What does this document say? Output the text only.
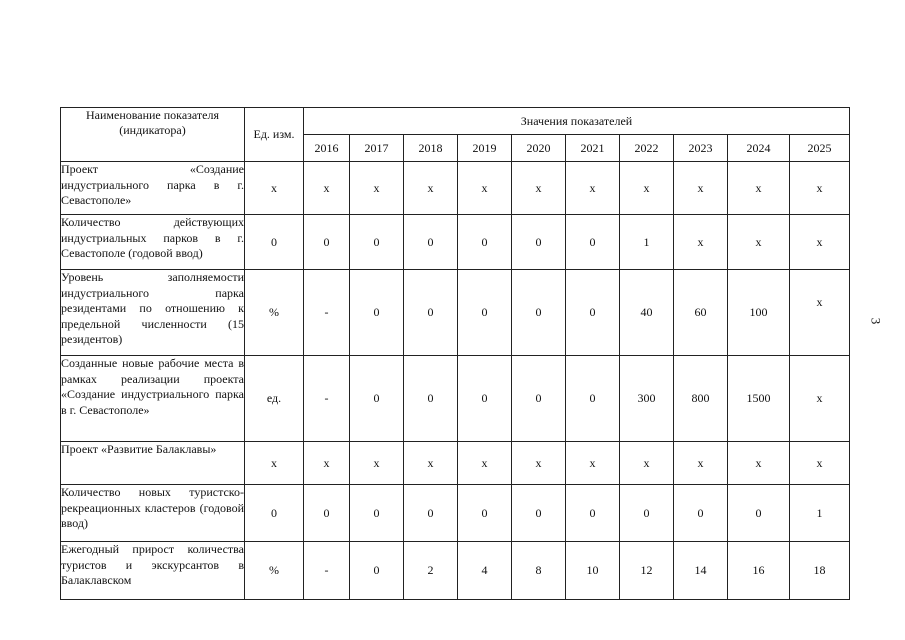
3
Наименование показателя (индикатора)	Ед. изм.	Значения показателей									
		2016	2017	2018	2019	2020	2021	2022	2023	2024	2025
Проект «Создание индустриального парка в г. Севастополе»	x	x	x	x	x	x	x	x	x	x	x
Количество действующих индустриальных парков в г. Севастополе (годовой ввод)	0	0	0	0	0	0	0	1	x	x	x
Уровень заполняемости индустриального парка резидентами по отношению к предельной численности (15 резидентов)	%	-	0	0	0	0	0	40	60	100	x
Созданные новые рабочие места в рамках реализации проекта «Создание индустриального парка в г. Севастополе»	ед.	-	0	0	0	0	0	300	800	1500	x
Проект «Развитие Балаклавы»	x	x	x	x	x	x	x	x	x	x	x
Количество новых туристско-рекреационных кластеров (годовой ввод)	0	0	0	0	0	0	0	0	0	0	1
Ежегодный прирост количества туристов и экскурсантов в Балаклавском	%	-	0	2	4	8	10	12	14	16	18
